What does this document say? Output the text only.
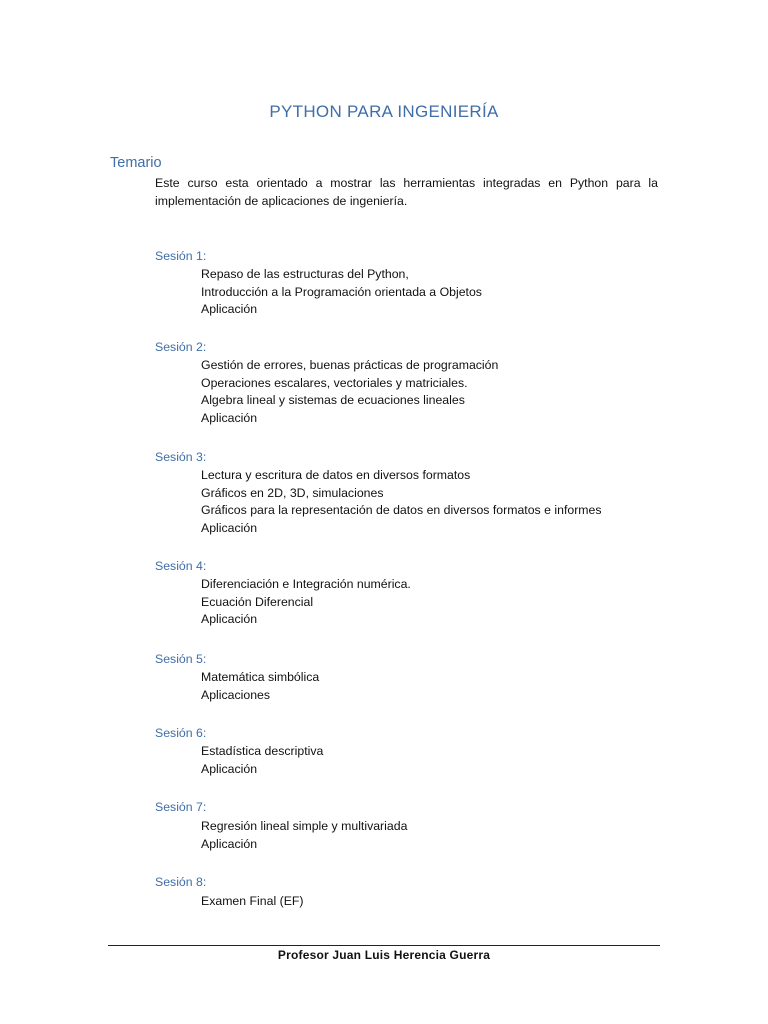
PYTHON PARA INGENIERÍA
Temario
Este curso esta orientado a mostrar las herramientas integradas en Python para la implementación de aplicaciones de ingeniería.
Sesión 1:
Repaso de las estructuras del Python,
Introducción a la Programación orientada a Objetos
Aplicación
Sesión 2:
Gestión de errores, buenas prácticas de programación
Operaciones escalares, vectoriales y matriciales.
Algebra lineal y sistemas de ecuaciones lineales
Aplicación
Sesión 3:
Lectura y escritura de datos en diversos formatos
Gráficos en 2D, 3D, simulaciones
Gráficos para la representación de datos en diversos formatos e informes
Aplicación
Sesión 4:
Diferenciación e Integración numérica.
Ecuación Diferencial
Aplicación
Sesión 5:
Matemática simbólica
Aplicaciones
Sesión 6:
Estadística descriptiva
Aplicación
Sesión 7:
Regresión lineal simple y multivariada
Aplicación
Sesión 8:
Examen Final (EF)
Profesor Juan Luis Herencia Guerra
